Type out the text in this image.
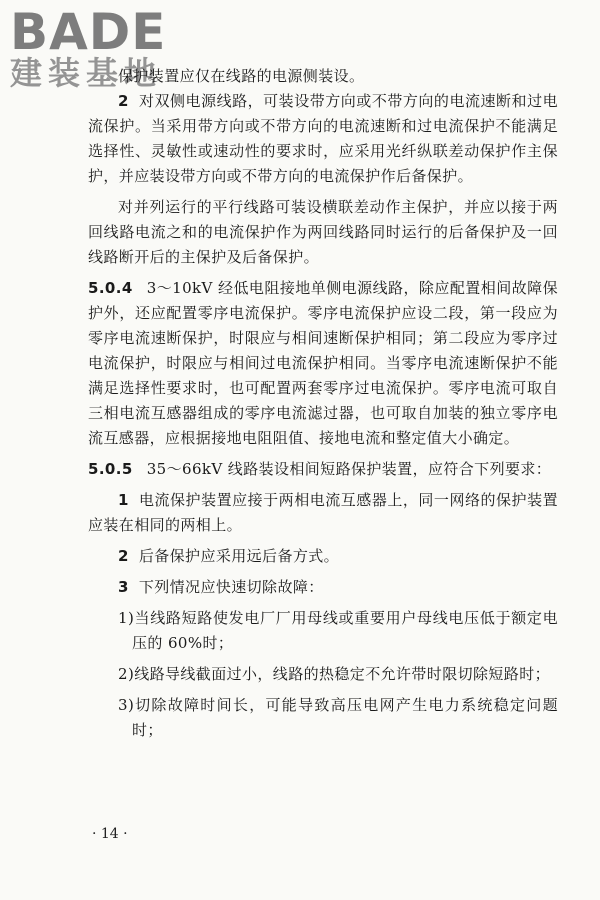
BADE
建装基地

保护装置应仅在线路的电源侧装设。

2 对双侧电源线路，可装设带方向或不带方向的电流速断和过电流保护。当采用带方向或不带方向的电流速断和过电流保护不能满足选择性、灵敏性或速动性的要求时，应采用光纤纵联差动保护作主保护，并应装设带方向或不带方向的电流保护作后备保护。

对并列运行的平行线路可装设横联差动作主保护，并应以接于两回线路电流之和的电流保护作为两回线路同时运行的后备保护及一回线路断开后的主保护及后备保护。

5.0.4 3～10kV 经低电阻接地单侧电源线路，除应配置相间故障保护外，还应配置零序电流保护。零序电流保护应设二段，第一段应为零序电流速断保护，时限应与相间速断保护相同；第二段应为零序过电流保护，时限应与相间过电流保护相同。当零序电流速断保护不能满足选择性要求时，也可配置两套零序过电流保护。零序电流可取自三相电流互感器组成的零序电流滤过器，也可取自加装的独立零序电流互感器，应根据接地电阻阻值、接地电流和整定值大小确定。

5.0.5 35～66kV 线路装设相间短路保护装置，应符合下列要求：

1 电流保护装置应接于两相电流互感器上，同一网络的保护装置应装在相同的两相上。

2 后备保护应采用远后备方式。

3 下列情况应快速切除故障：

1)当线路短路使发电厂厂用母线或重要用户母线电压低于额定电压的 60%时；

2)线路导线截面过小，线路的热稳定不允许带时限切除短路时；

3)切除故障时间长，可能导致高压电网产生电力系统稳定问题时；

· 14 ·
